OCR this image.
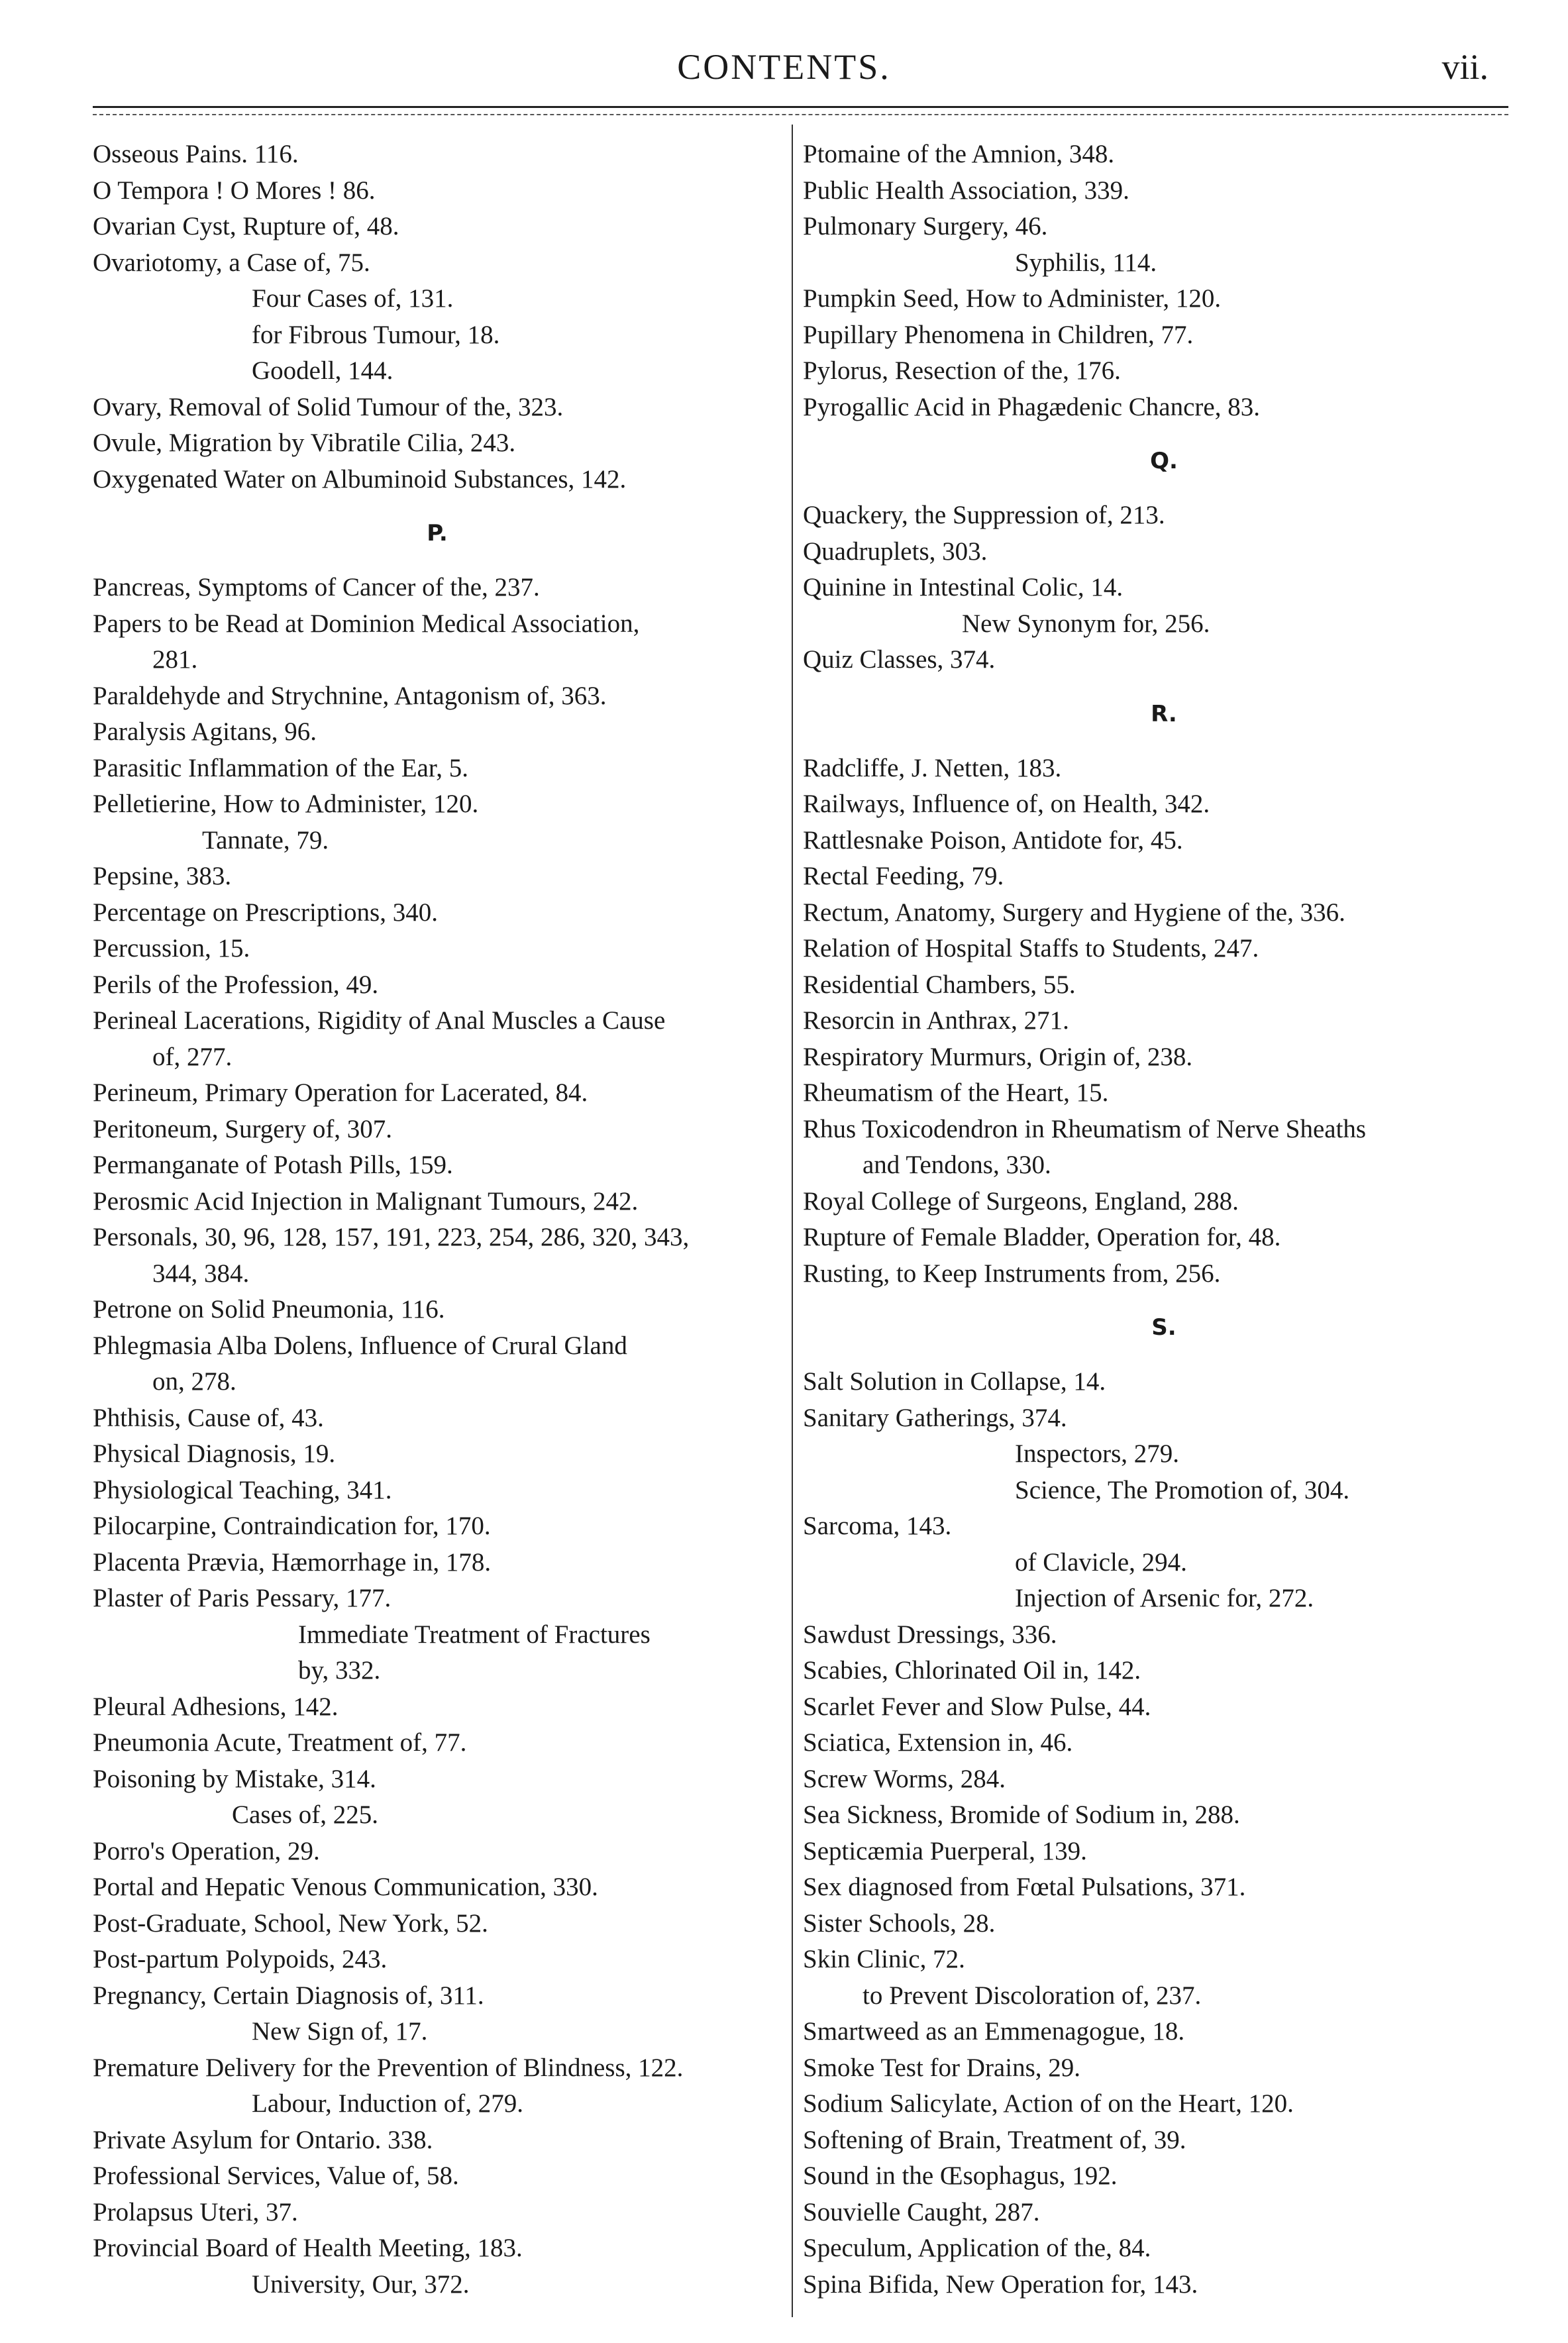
CONTENTS.	vii.
Osseous Pains. 116.
O Tempora ! O Mores ! 86.
Ovarian Cyst, Rupture of, 48.
Ovariotomy, a Case of, 75.
Four Cases of, 131.
for Fibrous Tumour, 18.
Goodell, 144.
Ovary, Removal of Solid Tumour of the, 323.
Ovule, Migration by Vibratile Cilia, 243.
Oxygenated Water on Albuminoid Substances, 142.
P.
Pancreas, Symptoms of Cancer of the, 237.
Papers to be Read at Dominion Medical Association,
281.
Paraldehyde and Strychnine, Antagonism of, 363.
Paralysis Agitans, 96.
Parasitic Inflammation of the Ear, 5.
Pelletierine, How to Administer, 120.
Tannate, 79.
Pepsine, 383.
Percentage on Prescriptions, 340.
Percussion, 15.
Perils of the Profession, 49.
Perineal Lacerations, Rigidity of Anal Muscles a Cause
of, 277.
Perineum, Primary Operation for Lacerated, 84.
Peritoneum, Surgery of, 307.
Permanganate of Potash Pills, 159.
Perosmic Acid Injection in Malignant Tumours, 242.
Personals, 30, 96, 128, 157, 191, 223, 254, 286, 320, 343,
344, 384.
Petrone on Solid Pneumonia, 116.
Phlegmasia Alba Dolens, Influence of Crural Gland
on, 278.
Phthisis, Cause of, 43.
Physical Diagnosis, 19.
Physiological Teaching, 341.
Pilocarpine, Contraindication for, 170.
Placenta Prævia, Hæmorrhage in, 178.
Plaster of Paris Pessary, 177.
Immediate Treatment of Fractures
by, 332.
Pleural Adhesions, 142.
Pneumonia Acute, Treatment of, 77.
Poisoning by Mistake, 314.
Cases of, 225.
Porro's Operation, 29.
Portal and Hepatic Venous Communication, 330.
Post-Graduate, School, New York, 52.
Post-partum Polypoids, 243.
Pregnancy, Certain Diagnosis of, 311.
New Sign of, 17.
Premature Delivery for the Prevention of Blindness, 122.
Labour, Induction of, 279.
Private Asylum for Ontario. 338.
Professional Services, Value of, 58.
Prolapsus Uteri, 37.
Provincial Board of Health Meeting, 183.
University, Our, 372.
Ptomaine of the Amnion, 348.
Public Health Association, 339.
Pulmonary Surgery, 46.
Syphilis, 114.
Pumpkin Seed, How to Administer, 120.
Pupillary Phenomena in Children, 77.
Pylorus, Resection of the, 176.
Pyrogallic Acid in Phagædenic Chancre, 83.
Q.
Quackery, the Suppression of, 213.
Quadruplets, 303.
Quinine in Intestinal Colic, 14.
New Synonym for, 256.
Quiz Classes, 374.
R.
Radcliffe, J. Netten, 183.
Railways, Influence of, on Health, 342.
Rattlesnake Poison, Antidote for, 45.
Rectal Feeding, 79.
Rectum, Anatomy, Surgery and Hygiene of the, 336.
Relation of Hospital Staffs to Students, 247.
Residential Chambers, 55.
Resorcin in Anthrax, 271.
Respiratory Murmurs, Origin of, 238.
Rheumatism of the Heart, 15.
Rhus Toxicodendron in Rheumatism of Nerve Sheaths
and Tendons, 330.
Royal College of Surgeons, England, 288.
Rupture of Female Bladder, Operation for, 48.
Rusting, to Keep Instruments from, 256.
S.
Salt Solution in Collapse, 14.
Sanitary Gatherings, 374.
Inspectors, 279.
Science, The Promotion of, 304.
Sarcoma, 143.
of Clavicle, 294.
Injection of Arsenic for, 272.
Sawdust Dressings, 336.
Scabies, Chlorinated Oil in, 142.
Scarlet Fever and Slow Pulse, 44.
Sciatica, Extension in, 46.
Screw Worms, 284.
Sea Sickness, Bromide of Sodium in, 288.
Septicæmia Puerperal, 139.
Sex diagnosed from Fœtal Pulsations, 371.
Sister Schools, 28.
Skin Clinic, 72.
to Prevent Discoloration of, 237.
Smartweed as an Emmenagogue, 18.
Smoke Test for Drains, 29.
Sodium Salicylate, Action of on the Heart, 120.
Softening of Brain, Treatment of, 39.
Sound in the Œsophagus, 192.
Souvielle Caught, 287.
Speculum, Application of the, 84.
Spina Bifida, New Operation for, 143.
